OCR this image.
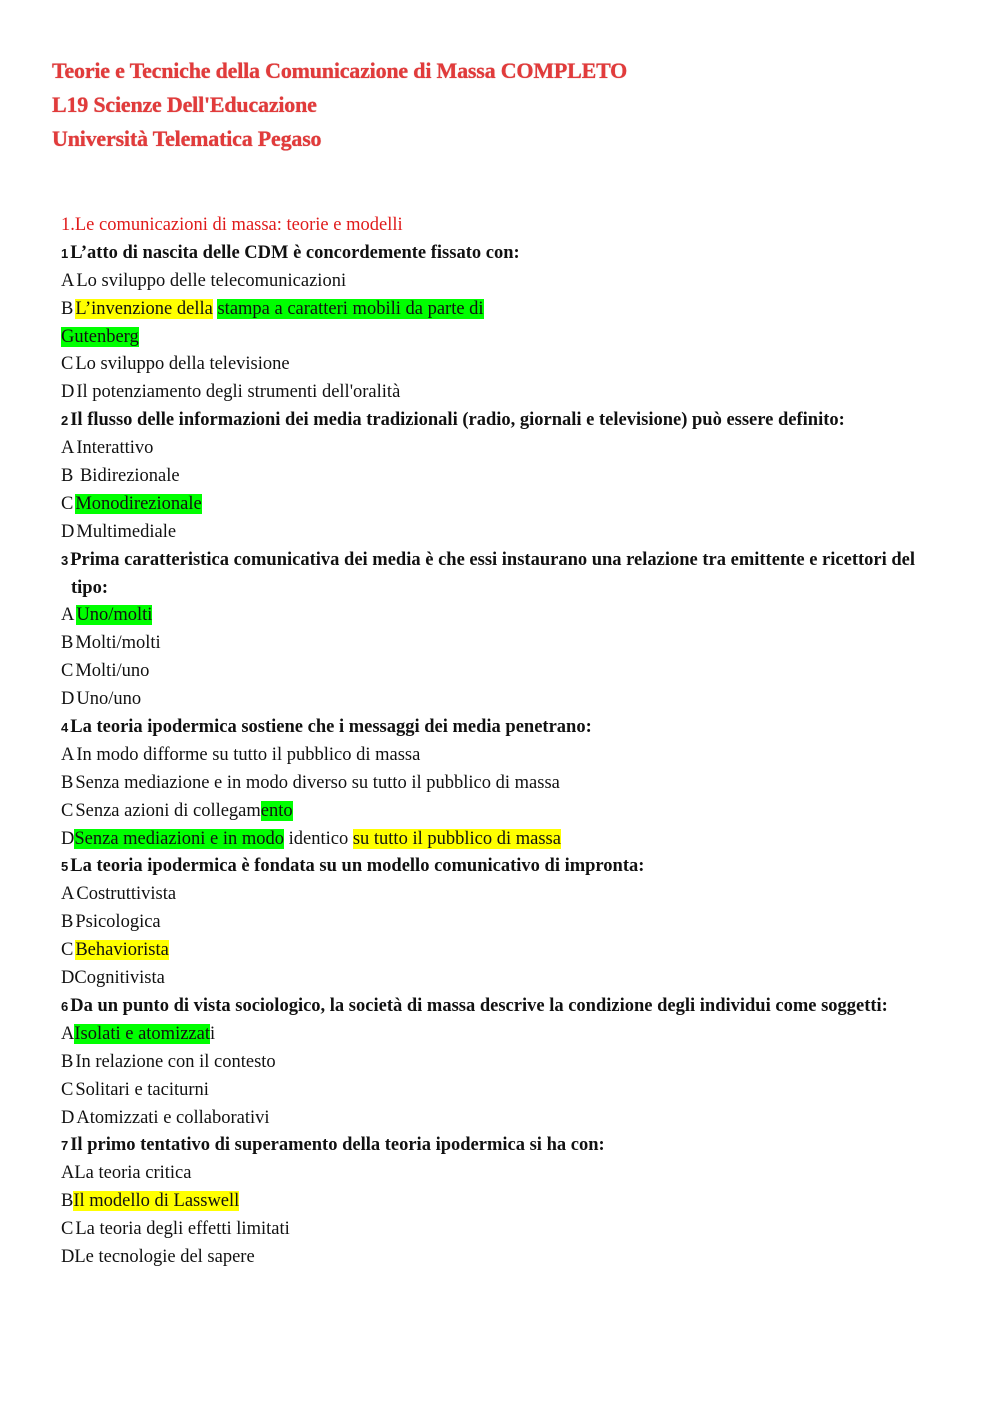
Teorie e Tecniche della Comunicazione di Massa COMPLETO
L19 Scienze Dell'Educazione
Università Telematica Pegaso
1.Le comunicazioni di massa: teorie e modelli
1 L’atto di nascita delle CDM è concordemente fissato con:
A Lo sviluppo delle telecomunicazioni
B L’invenzione della stampa a caratteri mobili da parte di
Gutenberg
C Lo sviluppo della televisione
D Il potenziamento degli strumenti dell'oralità
2 Il flusso delle informazioni dei media tradizionali (radio, giornali e televisione) può essere definito:
A Interattivo
B Bidirezionale
C Monodirezionale
D Multimediale
3 Prima caratteristica comunicativa dei media è che essi instaurano una relazione tra emittente e ricettori del
tipo:
A Uno/molti
B Molti/molti
C Molti/uno
D Uno/uno
4 La teoria ipodermica sostiene che i messaggi dei media penetrano:
A In modo difforme su tutto il pubblico di massa
B Senza mediazione e in modo diverso su tutto il pubblico di massa
C Senza azioni di collegamento
DSenza mediazioni e in modo identico su tutto il pubblico di massa
5 La teoria ipodermica è fondata su un modello comunicativo di impronta:
A Costruttivista
B Psicologica
C Behaviorista
DCognitivista
6 Da un punto di vista sociologico, la società di massa descrive la condizione degli individui come soggetti:
AIsolati e atomizzati
B In relazione con il contesto
C Solitari e taciturni
D Atomizzati e collaborativi
7 Il primo tentativo di superamento della teoria ipodermica si ha con:
ALa teoria critica
BIl modello di Lasswell
C La teoria degli effetti limitati
DLe tecnologie del sapere
